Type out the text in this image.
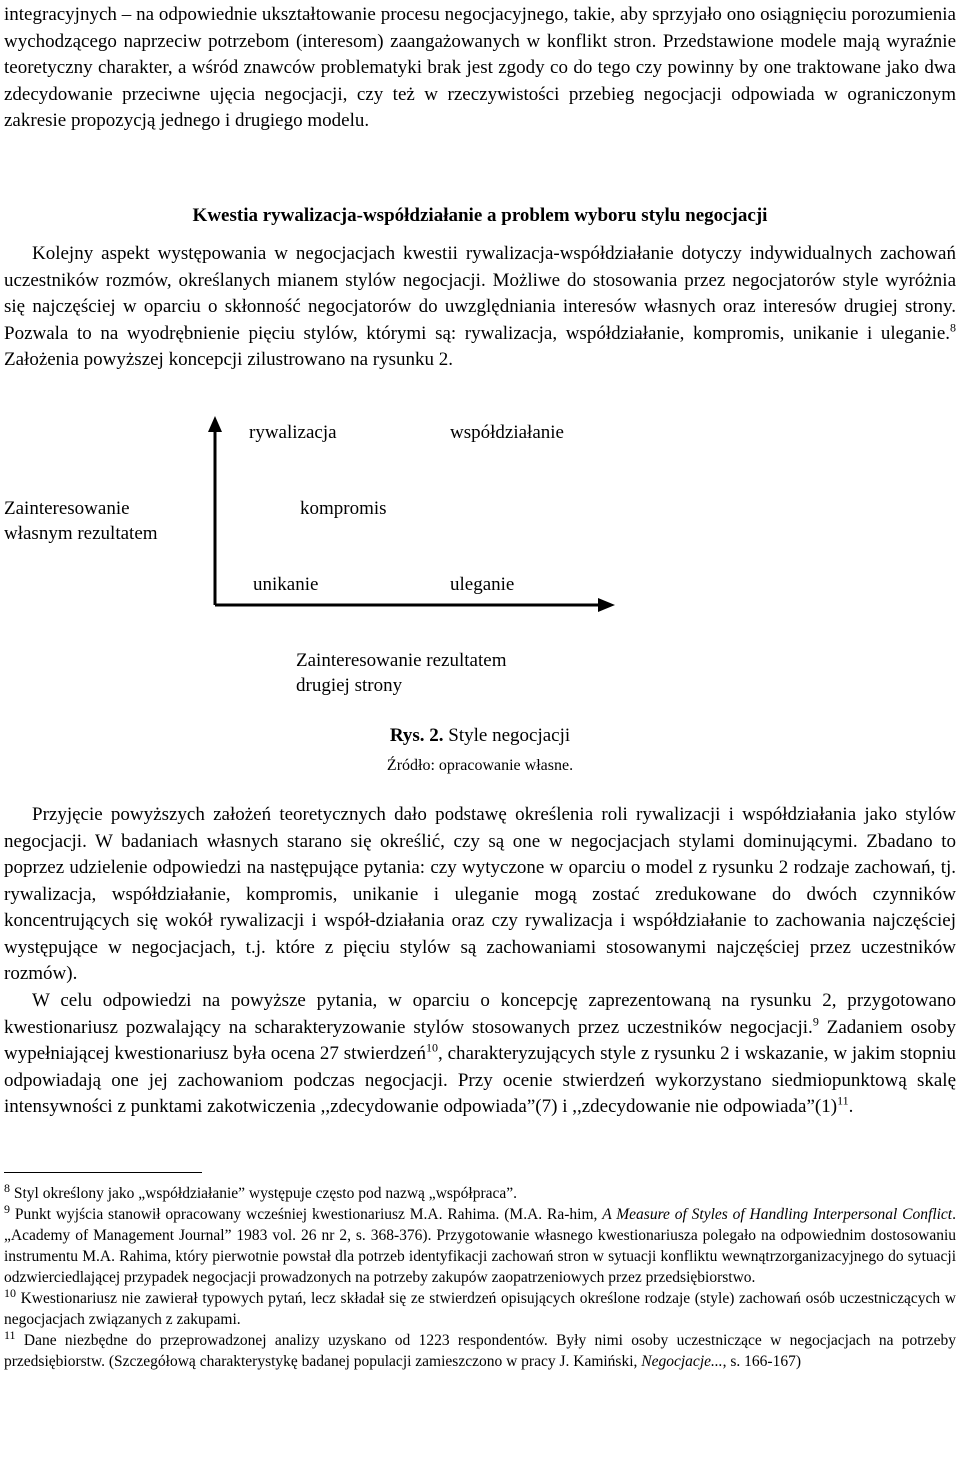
integracyjnych – na odpowiednie ukształtowanie procesu negocjacyjnego, takie, aby sprzyjało ono osiągnięciu porozumienia wychodzącego naprzeciw potrzebom (interesom) zaangażowanych w konflikt stron. Przedstawione modele mają wyraźnie teoretyczny charakter, a wśród znawców problematyki brak jest zgody co do tego czy powinny by one traktowane jako dwa zdecydowanie przeciwne ujęcia negocjacji, czy też w rzeczywistości przebieg negocjacji odpowiada w ograniczonym zakresie propozycją jednego i drugiego modelu.

Kwestia rywalizacja-współdziałanie a problem wyboru stylu negocjacji

Kolejny aspekt występowania w negocjacjach kwestii rywalizacja-współdziałanie dotyczy indywidualnych zachowań uczestników rozmów, określanych mianem stylów negocjacji. Możliwe do stosowania przez negocjatorów style wyróżnia się najczęściej w oparciu o skłonność negocjatorów do uwzględniania interesów własnych oraz interesów drugiej strony. Pozwala to na wyodrębnienie pięciu stylów, którymi są: rywalizacja, współdziałanie, kompromis, unikanie i uleganie.$^8$ Założenia powyższej koncepcji zilustrowano na rysunku 2.

rywalizacja	współdziałanie
Zainteresowanie
własnym rezultatem
kompromis
unikanie	uleganie
Zainteresowanie rezultatem
drugiej strony

Rys. 2. Style negocjacji

Źródło: opracowanie własne.

Przyjęcie powyższych założeń teoretycznych dało podstawę określenia roli rywalizacji i współdziałania jako stylów negocjacji. W badaniach własnych starano się określić, czy są one w negocjacjach stylami dominującymi. Zbadano to poprzez udzielenie odpowiedzi na następujące pytania: czy wytyczone w oparciu o model z rysunku 2 rodzaje zachowań, tj. rywalizacja, współdziałanie, kompromis, unikanie i uleganie mogą zostać zredukowane do dwóch czynników koncentrujących się wokół rywalizacji i współ-działania oraz czy rywalizacja i współdziałanie to zachowania najczęściej występujące w negocjacjach, t.j. które z pięciu stylów są zachowaniami stosowanymi najczęściej przez uczestników rozmów).

W celu odpowiedzi na powyższe pytania, w oparciu o koncepcję zaprezentowaną na rysunku 2, przygotowano kwestionariusz pozwalający na scharakteryzowanie stylów stosowanych przez uczestników negocjacji.$^9$ Zadaniem osoby wypełniającej kwestionariusz była ocena 27 stwierdzeń$^{10}$, charakteryzujących style z rysunku 2 i wskazanie, w jakim stopniu odpowiadają one jej zachowaniom podczas negocjacji. Przy ocenie stwierdzeń wykorzystano siedmiopunktową skalę intensywności z punktami zakotwiczenia ,,zdecydowanie odpowiada”(7) i ,,zdecydowanie nie $odpowiada”(1)^{11}$.

$^8$ Styl określony jako „współdziałanie” występuje często pod nazwą „współpraca”.

$^9$ Punkt wyjścia stanowił opracowany wcześniej kwestionariusz M.A. Rahima. (M.A. Ra-him, A Measure of Styles of Handling Interpersonal Conflict. „Academy of Management Journal” 1983 vol. 26 nr 2, s. 368-376). Przygotowanie własnego kwestionariusza polegało na odpowiednim dostosowaniu instrumentu M.A. Rahima, który pierwotnie powstał dla potrzeb identyfikacji zachowań stron w sytuacji konfliktu wewnątrzorganizacyjnego do sytuacji odzwierciedlającej przypadek negocjacji prowadzonych na potrzeby zakupów zaopatrzeniowych przez przedsiębiorstwo.

$^{10}$ Kwestionariusz nie zawierał typowych pytań, lecz składał się ze stwierdzeń opisujących określone rodzaje (style) zachowań osób uczestniczących w negocjacjach związanych z zakupami.

$^{11}$ Dane niezbędne do przeprowadzonej analizy uzyskano od 1223 respondentów. Były nimi osoby uczestniczące w negocjacjach na potrzeby przedsiębiorstw. (Szczegółową charakterystykę badanej populacji zamieszczono w pracy J. Kamiński, Negocjacje..., s. 166-167)
